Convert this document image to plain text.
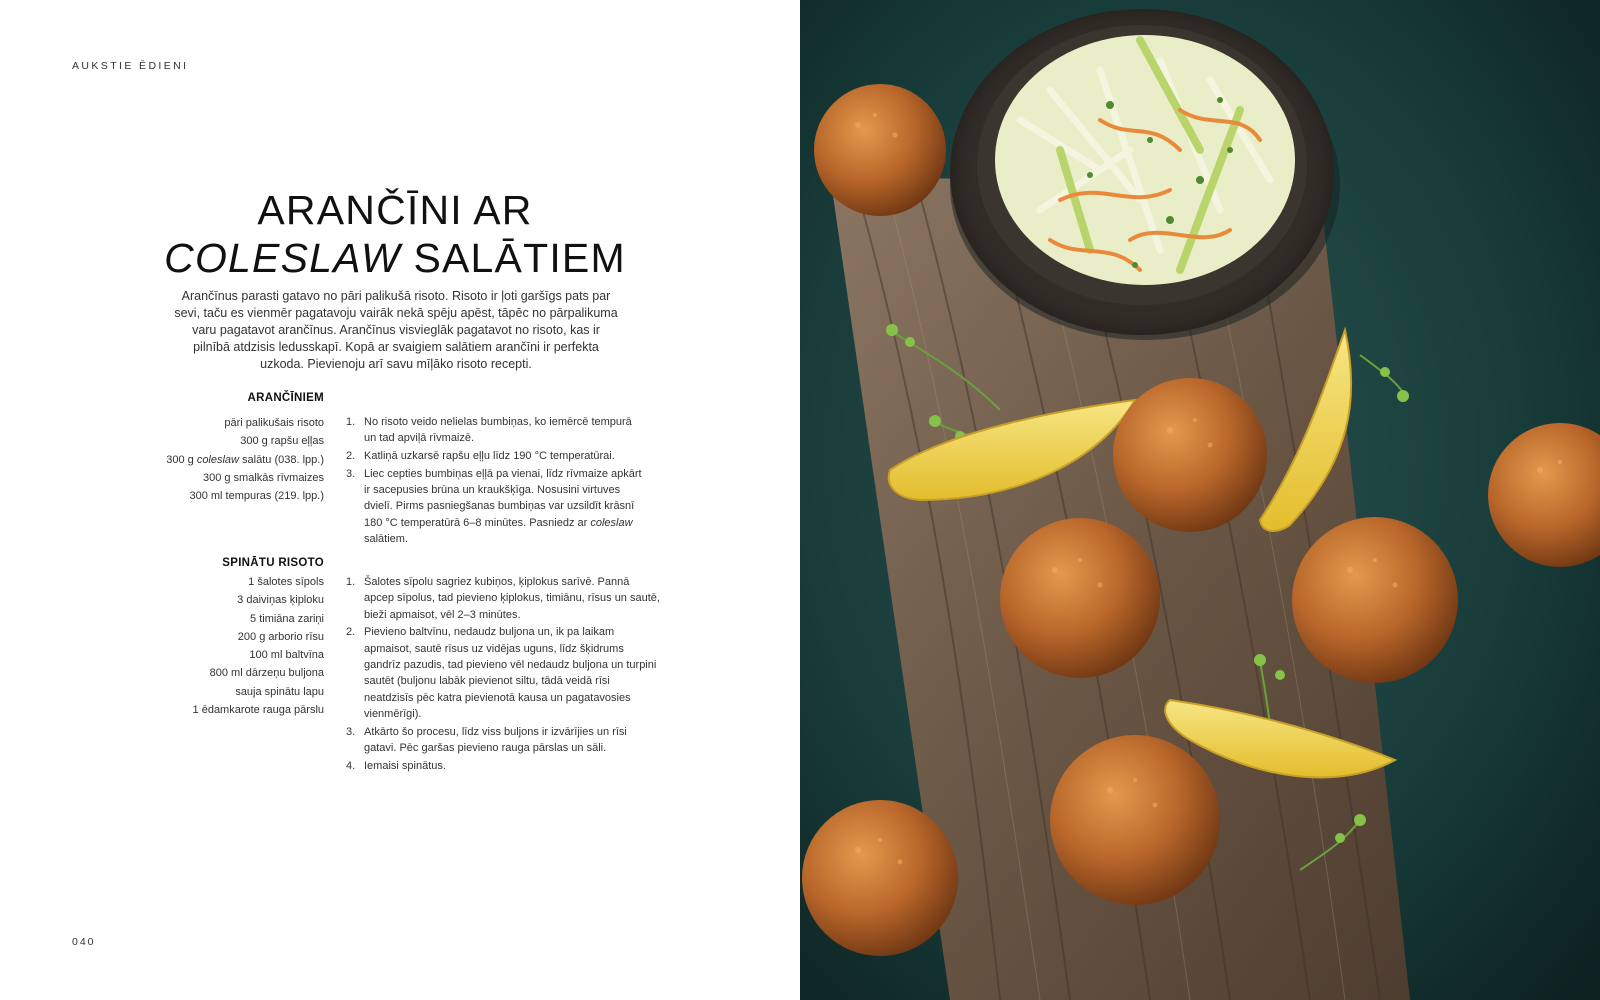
AUKSTIE ĒDIENI
ARANČĪNI AR
COLESLAW SALĀTIEM

Arančīnus parasti gatavo no pāri palikušā risoto. Risoto ir ļoti garšīgs pats par sevi, taču es vienmēr pagatavoju vairāk nekā spēju apēst, tāpēc no pārpalikuma varu pagatavot arančīnus. Arančīnus visvieglāk pagatavot no risoto, kas ir pilnībā atdzisis ledusskapī. Kopā ar svaigiem salātiem arančīni ir perfekta uzkoda. Pievienoju arī savu mīļāko risoto recepti.

ARANČĪNIEM
pāri palikušais risoto
300 g rapšu eļļas
300 g coleslaw salātu (038. lpp.)
300 g smalkās rīvmaizes
300 ml tempuras (219. lpp.)
1. No risoto veido nelielas bumbiņas, ko iemērcē tempurā un tad apviļā rīvmaizē.
2. Katliņā uzkarsē rapšu eļļu līdz 190 °C temperatūrai.
3. Liec cepties bumbiņas eļļā pa vienai, līdz rīvmaize apkārt ir sacepusies brūna un kraukšķīga. Nosusini virtuves dvielī. Pirms pasniegšanas bumbiņas var uzsildīt krāsnī 180 °C temperatūrā 6–8 minūtes. Pasniedz ar coleslaw salātiem.
SPINĀTU RISOTO
1 šalotes sīpols
3 daiviņas ķiploku
5 timiāna zariņi
200 g arborio rīsu
100 ml baltvīna
800 ml dārzeņu buljona
sauja spinātu lapu
1 ēdamkarote rauga pārslu
1. Šalotes sīpolu sagriez kubiņos, ķiplokus sarīvē. Pannā apcep sīpolus, tad pievieno ķiplokus, timiānu, rīsus un sautē, bieži apmaisot, vēl 2–3 minūtes.
2. Pievieno baltvīnu, nedaudz buljona un, ik pa laikam apmaisot, sautē rīsus uz vidējas uguns, līdz šķidrums gandrīz pazudis, tad pievieno vēl nedaudz buljona un turpini sautēt (buljonu labāk pievienot siltu, tādā veidā rīsi neatdzisīs pēc katra pievienotā kausa un pagatavosies vienmērīgi).
3. Atkārto šo procesu, līdz viss buljons ir izvārījies un rīsi gatavi. Pēc garšas pievieno rauga pārslas un sāli.
4. Iemaisi spinātus.
040
